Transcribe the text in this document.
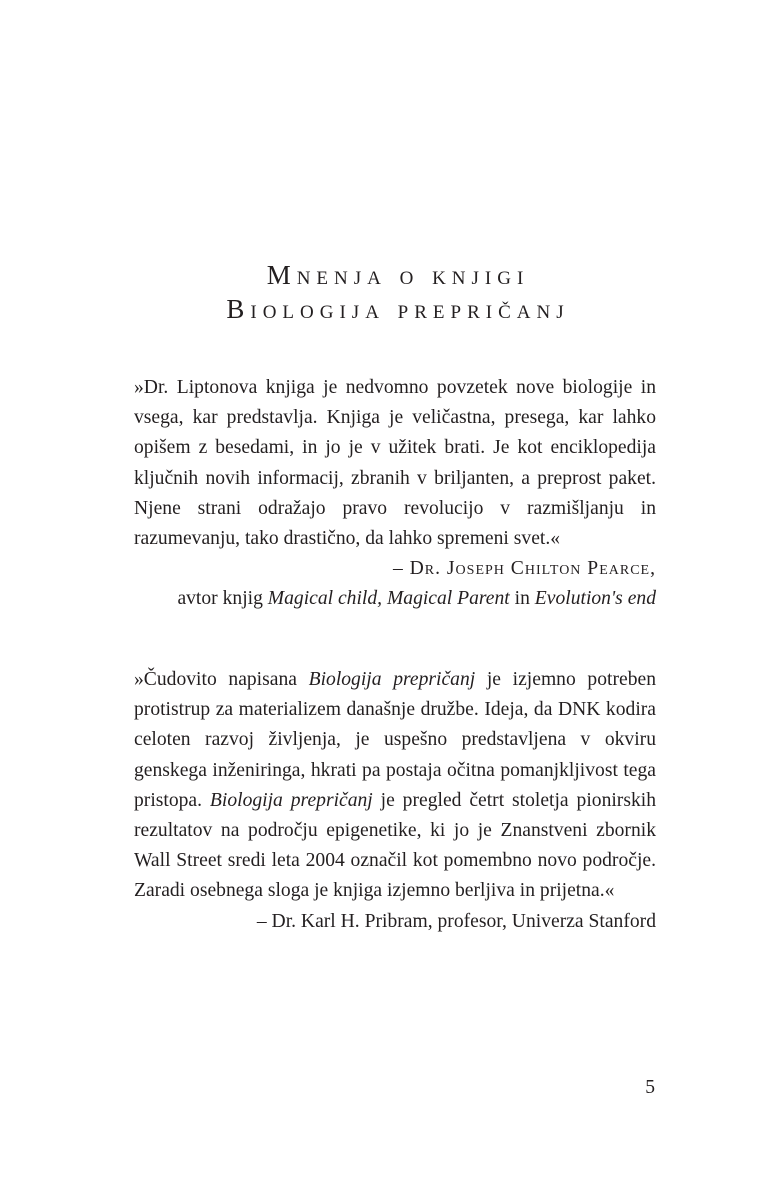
Mnenja o knjigi
Biologija prepričanj

»Dr. Liptonova knjiga je nedvomno povzetek nove biologije in vsega, kar predstavlja. Knjiga je veličastna, presega, kar lahko opišem z besedami, in jo je v užitek brati. Je kot enciklopedija ključnih novih informacij, zbranih v briljanten, a preprost paket. Njene strani odražajo pravo revolucijo v razmišljanju in razumevanju, tako drastično, da lahko spremeni svet.«

– Dr. Joseph Chilton Pearce,

avtor knjig Magical child, Magical Parent in Evolution's end

»Čudovito napisana Biologija prepričanj je izjemno potreben protistrup za materializem današnje družbe. Ideja, da DNK kodira celoten razvoj življenja, je uspešno predstavljena v okviru genskega inženiringa, hkrati pa postaja očitna pomanjkljivost tega pristopa. Biologija prepričanj je pregled četrt stoletja pionirskih rezultatov na področju epigenetike, ki jo je Znanstveni zbornik Wall Street sredi leta 2004 označil kot pomembno novo področje. Zaradi osebnega sloga je knjiga izjemno berljiva in prijetna.«

– Dr. Karl H. Pribram, profesor, Univerza Stanford

5
